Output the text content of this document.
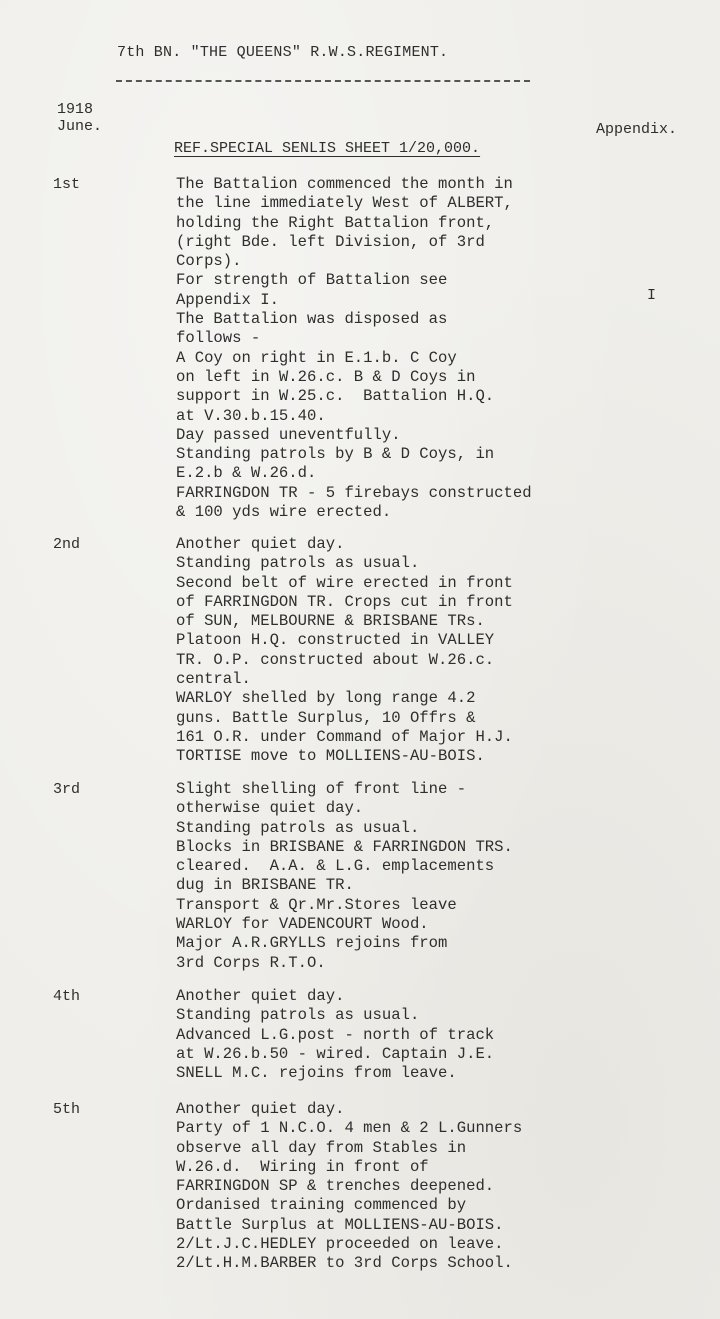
7th BN. "THE QUEENS" R.W.S.REGIMENT.
1918
June.	Appendix.
REF.SPECIAL SENLIS SHEET 1/20,000.
I
1st	The Battalion commenced the month in
the line immediately West of ALBERT,
holding the Right Battalion front,
(right Bde. left Division, of 3rd
Corps).
For strength of Battalion see
Appendix I.
The Battalion was disposed as
follows -
A Coy on right in E.1.b. C Coy
on left in W.26.c. B & D Coys in
support in W.25.c.  Battalion H.Q.
at V.30.b.15.40.
Day passed uneventfully.
Standing patrols by B & D Coys, in
E.2.b & W.26.d.
FARRINGDON TR - 5 firebays constructed
& 100 yds wire erected.
2nd	Another quiet day.
Standing patrols as usual.
Second belt of wire erected in front
of FARRINGDON TR. Crops cut in front
of SUN, MELBOURNE & BRISBANE TRs.
Platoon H.Q. constructed in VALLEY
TR. O.P. constructed about W.26.c.
central.
WARLOY shelled by long range 4.2
guns. Battle Surplus, 10 Offrs &
161 O.R. under Command of Major H.J.
TORTISE move to MOLLIENS-AU-BOIS.
3rd	Slight shelling of front line -
otherwise quiet day.
Standing patrols as usual.
Blocks in BRISBANE & FARRINGDON TRS.
cleared.  A.A. & L.G. emplacements
dug in BRISBANE TR.
Transport & Qr.Mr.Stores leave
WARLOY for VADENCOURT Wood.
Major A.R.GRYLLS rejoins from
3rd Corps R.T.O.
4th	Another quiet day.
Standing patrols as usual.
Advanced L.G.post - north of track
at W.26.b.50 - wired. Captain J.E.
SNELL M.C. rejoins from leave.
5th	Another quiet day.
Party of 1 N.C.O. 4 men & 2 L.Gunners
observe all day from Stables in
W.26.d.  Wiring in front of
FARRINGDON SP & trenches deepened.
Ordanised training commenced by
Battle Surplus at MOLLIENS-AU-BOIS.
2/Lt.J.C.HEDLEY proceeded on leave.
2/Lt.H.M.BARBER to 3rd Corps School.
